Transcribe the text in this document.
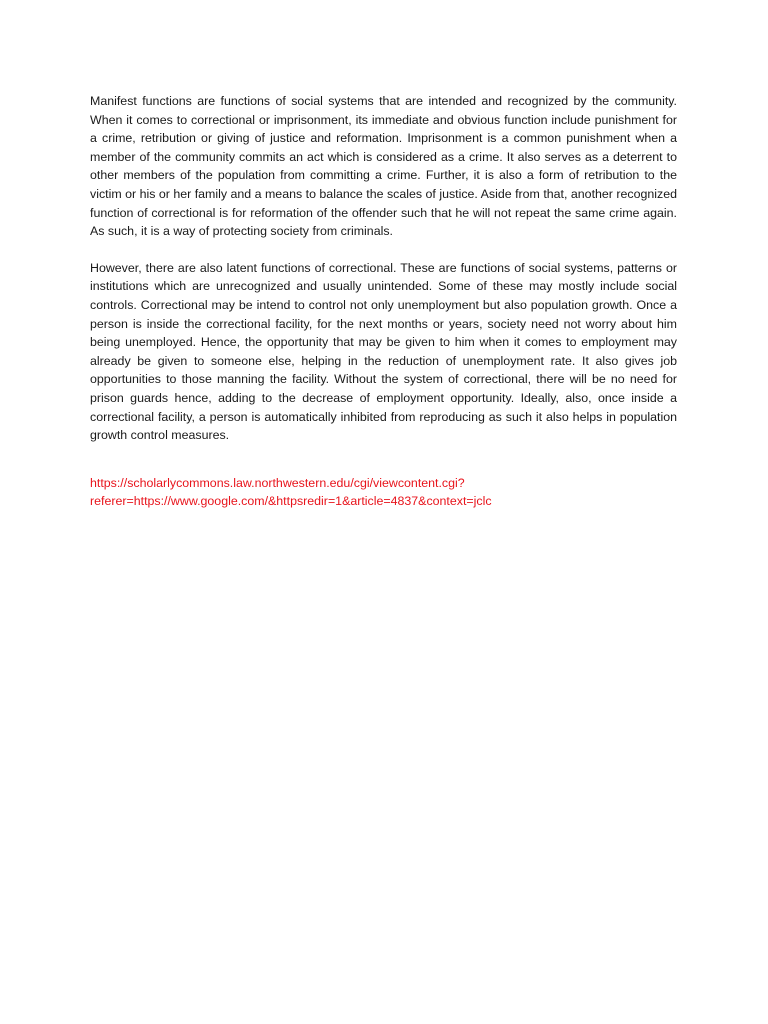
Manifest functions are functions of social systems that are intended and recognized by the community. When it comes to correctional or imprisonment, its immediate and obvious function include punishment for a crime, retribution or giving of justice and reformation. Imprisonment is a common punishment when a member of the community commits an act which is considered as a crime. It also serves as a deterrent to other members of the population from committing a crime. Further, it is also a form of retribution to the victim or his or her family and a means to balance the scales of justice. Aside from that, another recognized function of correctional is for reformation of the offender such that he will not repeat the same crime again. As such, it is a way of protecting society from criminals.

However, there are also latent functions of correctional. These are functions of social systems, patterns or institutions which are unrecognized and usually unintended. Some of these may mostly include social controls. Correctional may be intend to control not only unemployment but also population growth. Once a person is inside the correctional facility, for the next months or years, society need not worry about him being unemployed. Hence, the opportunity that may be given to him when it comes to employment may already be given to someone else, helping in the reduction of unemployment rate. It also gives job opportunities to those manning the facility. Without the system of correctional, there will be no need for prison guards hence, adding to the decrease of employment opportunity. Ideally, also, once inside a correctional facility, a person is automatically inhibited from reproducing as such it also helps in population growth control measures.

https://scholarlycommons.law.northwestern.edu/cgi/viewcontent.cgi?referer=https://www.google.com/&httpsredir=1&article=4837&context=jclc
